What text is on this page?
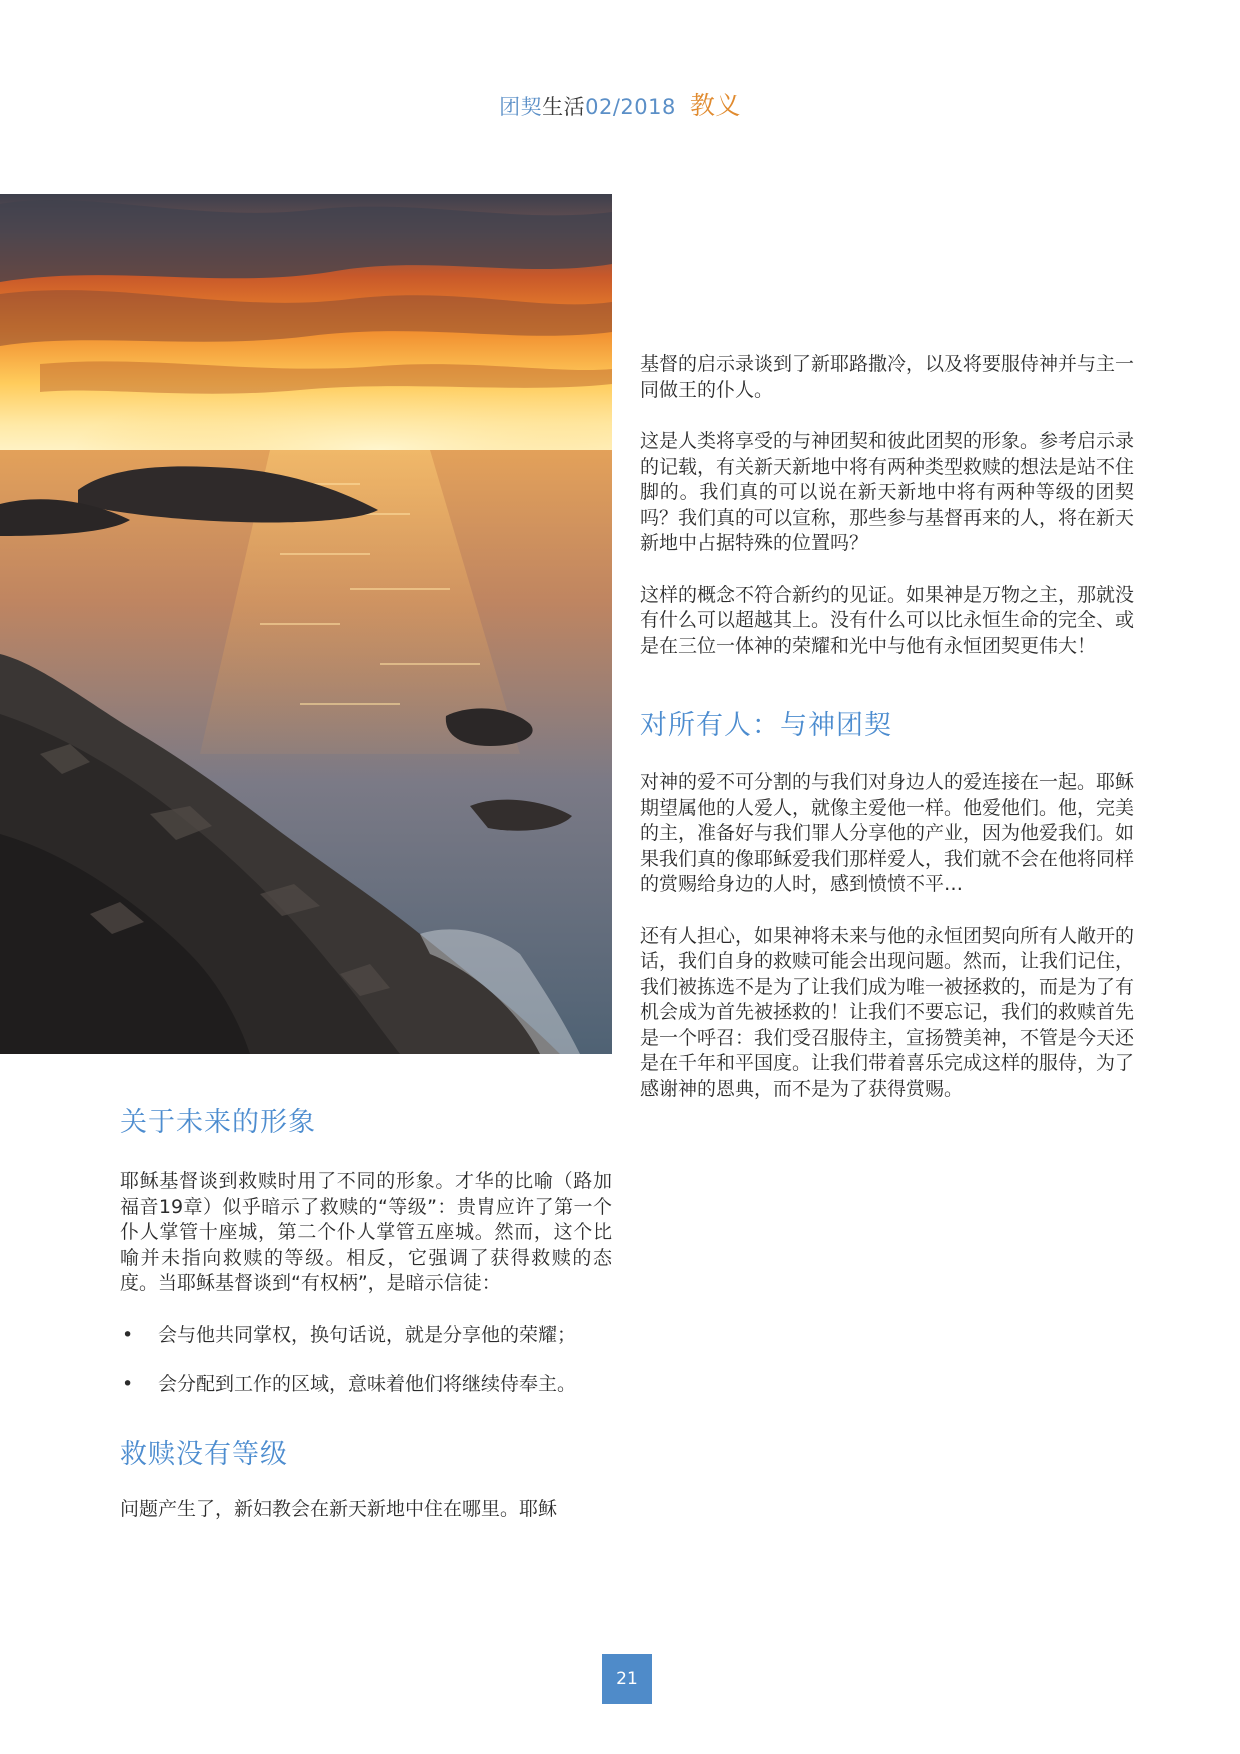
团契生活02/2018 教义
关于未来的形象

耶稣基督谈到救赎时用了不同的形象。才华的比喻（路加福音19章）似乎暗示了救赎的“等级”：贵胄应许了第一个仆人掌管十座城，第二个仆人掌管五座城。然而，这个比喻并未指向救赎的等级。相反，它强调了获得救赎的态度。当耶稣基督谈到“有权柄”，是暗示信徒：

• 会与他共同掌权，换句话说，就是分享他的荣耀；
• 会分配到工作的区域，意味着他们将继续侍奉主。
救赎没有等级

问题产生了，新妇教会在新天新地中住在哪里。耶稣

基督的启示录谈到了新耶路撒冷，以及将要服侍神并与主一同做王的仆人。

这是人类将享受的与神团契和彼此团契的形象。参考启示录的记载，有关新天新地中将有两种类型救赎的想法是站不住脚的。我们真的可以说在新天新地中将有两种等级的团契吗？我们真的可以宣称，那些参与基督再来的人，将在新天新地中占据特殊的位置吗？

这样的概念不符合新约的见证。如果神是万物之主，那就没有什么可以超越其上。没有什么可以比永恒生命的完全、或是在三位一体神的荣耀和光中与他有永恒团契更伟大！

对所有人：与神团契

对神的爱不可分割的与我们对身边人的爱连接在一起。耶稣期望属他的人爱人，就像主爱他一样。他爱他们。他，完美的主，准备好与我们罪人分享他的产业，因为他爱我们。如果我们真的像耶稣爱我们那样爱人，我们就不会在他将同样的赏赐给身边的人时，感到愤愤不平…

还有人担心，如果神将未来与他的永恒团契向所有人敞开的话，我们自身的救赎可能会出现问题。然而，让我们记住，我们被拣选不是为了让我们成为唯一被拯救的，而是为了有机会成为首先被拯救的！让我们不要忘记，我们的救赎首先是一个呼召：我们受召服侍主，宣扬赞美神，不管是今天还是在千年和平国度。让我们带着喜乐完成这样的服侍，为了感谢神的恩典，而不是为了获得赏赐。

21
